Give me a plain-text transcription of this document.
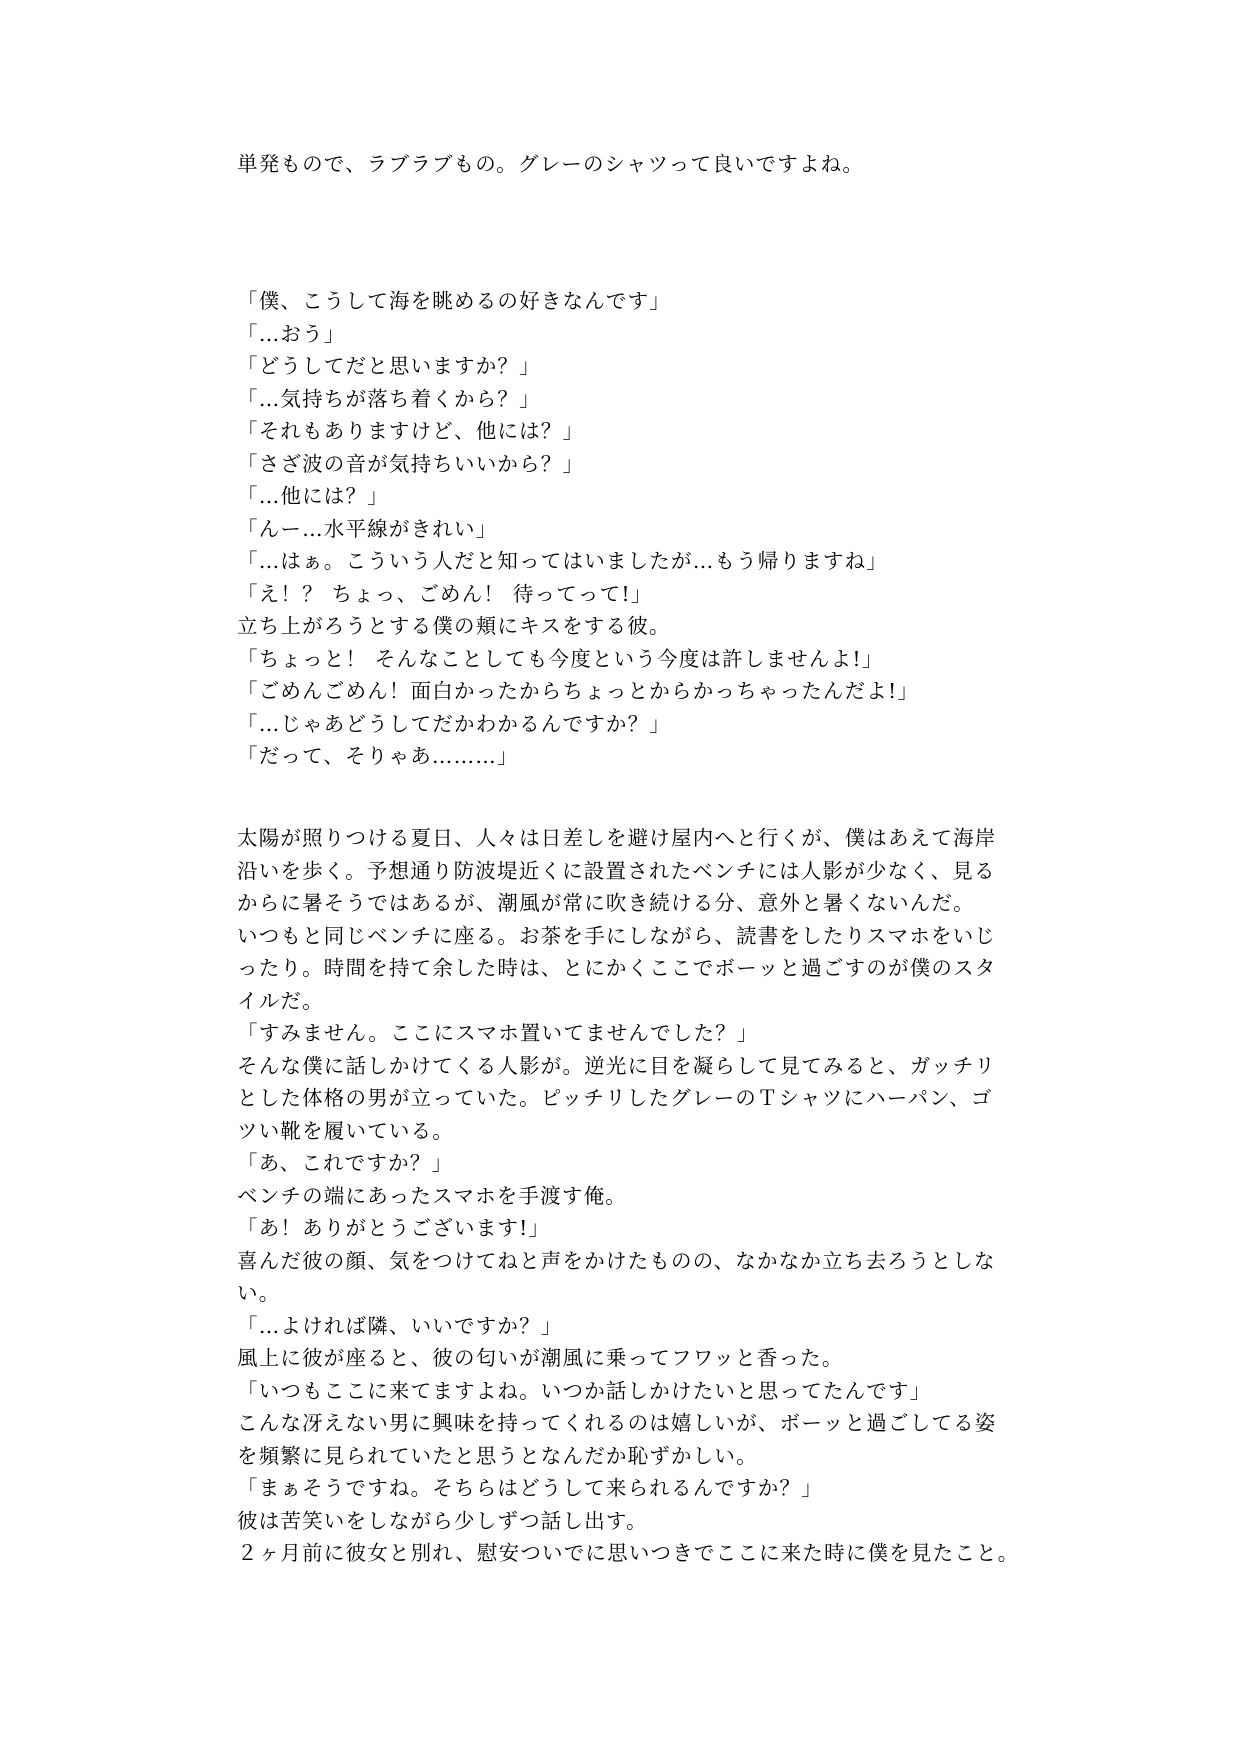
単発もので、ラブラブもの。グレーのシャツって良いですよね。
「僕、こうして海を眺めるの好きなんです」
「…おう」
「どうしてだと思いますか？」
「…気持ちが落ち着くから？」
「それもありますけど、他には？」
「さざ波の音が気持ちいいから？」
「…他には？」
「んー…水平線がきれい」
「…はぁ。こういう人だと知ってはいましたが…もう帰りますね」
「え！？ ちょっ、ごめん！ 待ってって!」
立ち上がろうとする僕の頬にキスをする彼。
「ちょっと！ そんなことしても今度という今度は許しませんよ!」
「ごめんごめん！面白かったからちょっとからかっちゃったんだよ!」
「…じゃあどうしてだかわかるんですか？」
「だって、そりゃあ………」
太陽が照りつける夏日、人々は日差しを避け屋内へと行くが、僕はあえて海岸
沿いを歩く。予想通り防波堤近くに設置されたベンチには人影が少なく、見る
からに暑そうではあるが、潮風が常に吹き続ける分、意外と暑くないんだ。
いつもと同じベンチに座る。お茶を手にしながら、読書をしたりスマホをいじ
ったり。時間を持て余した時は、とにかくここでボーッと過ごすのが僕のスタ
イルだ。
「すみません。ここにスマホ置いてませんでした？」
そんな僕に話しかけてくる人影が。逆光に目を凝らして見てみると、ガッチリ
とした体格の男が立っていた。ピッチリしたグレーのＴシャツにハーパン、ゴ
ツい靴を履いている。
「あ、これですか？」
ベンチの端にあったスマホを手渡す俺。
「あ！ありがとうございます!」
喜んだ彼の顔、気をつけてねと声をかけたものの、なかなか立ち去ろうとしな
い。
「…よければ隣、いいですか？」
風上に彼が座ると、彼の匂いが潮風に乗ってフワッと香った。
「いつもここに来てますよね。いつか話しかけたいと思ってたんです」
こんな冴えない男に興味を持ってくれるのは嬉しいが、ボーッと過ごしてる姿
を頻繁に見られていたと思うとなんだか恥ずかしい。
「まぁそうですね。そちらはどうして来られるんですか？」
彼は苦笑いをしながら少しずつ話し出す。
２ヶ月前に彼女と別れ、慰安ついでに思いつきでここに来た時に僕を見たこと。
